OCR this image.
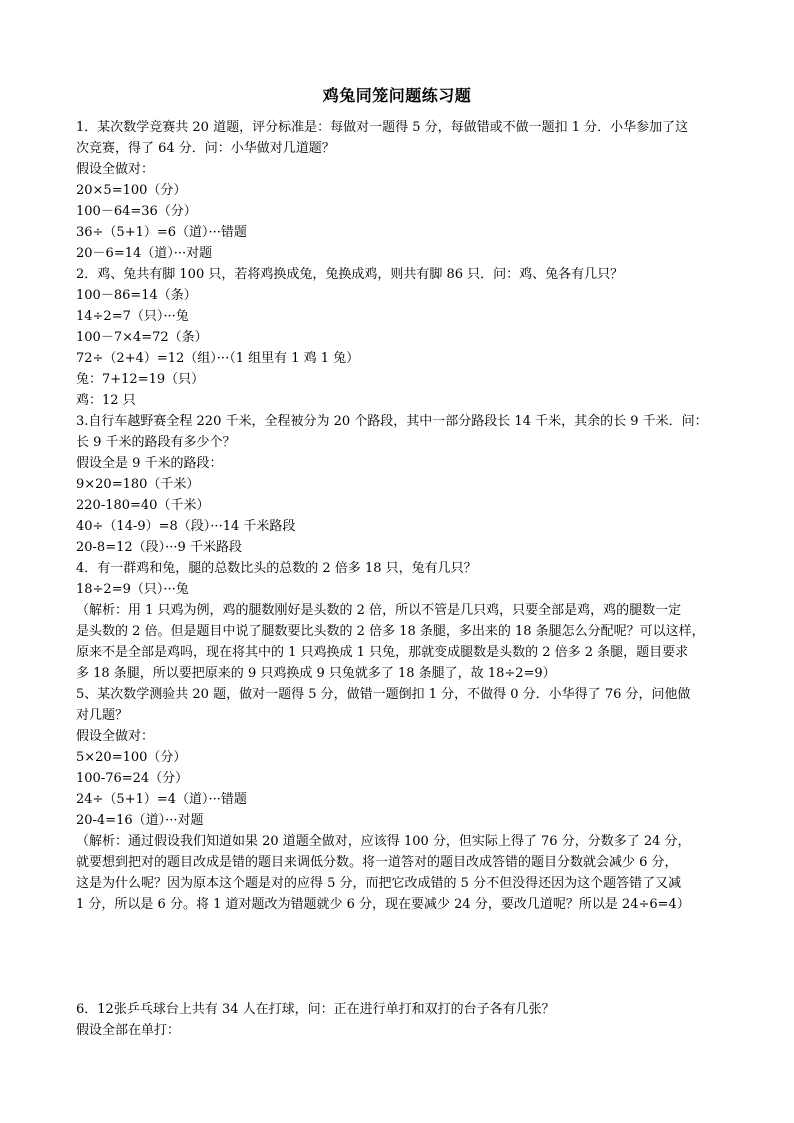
鸡兔同笼问题练习题
1．某次数学竞赛共 20 道题，评分标准是：每做对一题得 5 分，每做错或不做一题扣 1 分．小华参加了这
次竞赛，得了 64 分．问：小华做对几道题？
假设全做对：
20×5=100（分）
100－64=36（分）
36÷（5+1）=6（道）···错题
20－6=14（道）···对题
2．鸡、兔共有脚 100 只，若将鸡换成兔，兔换成鸡，则共有脚 86 只．问：鸡、兔各有几只？
100－86=14（条）
14÷2=7（只）···兔
100－7×4=72（条）
72÷（2+4）=12（组）···（1 组里有 1 鸡 1 兔）
兔：7+12=19（只）
鸡：12 只
3.自行车越野赛全程 220 千米，全程被分为 20 个路段，其中一部分路段长 14 千米，其余的长 9 千米．问：
长 9 千米的路段有多少个？
假设全是 9 千米的路段：
9×20=180（千米）
220-180=40（千米）
40÷（14-9）=8（段）···14 千米路段
20-8=12（段）···9 千米路段
4．有一群鸡和兔，腿的总数比头的总数的 2 倍多 18 只，兔有几只？
18÷2=9（只）···兔
（解析：用 1 只鸡为例，鸡的腿数刚好是头数的 2 倍，所以不管是几只鸡，只要全部是鸡，鸡的腿数一定
是头数的 2 倍。但是题目中说了腿数要比头数的 2 倍多 18 条腿，多出来的 18 条腿怎么分配呢？可以这样，
原来不是全部是鸡吗，现在将其中的 1 只鸡换成 1 只兔，那就变成腿数是头数的 2 倍多 2 条腿，题目要求
多 18 条腿，所以要把原来的 9 只鸡换成 9 只兔就多了 18 条腿了，故 18÷2=9）
5、某次数学测验共 20 题，做对一题得 5 分，做错一题倒扣 1 分，不做得 0 分．小华得了 76 分，问他做
对几题？
假设全做对：
5×20=100（分）
100-76=24（分）
24÷（5+1）=4（道）···错题
20-4=16（道）···对题
（解析：通过假设我们知道如果 20 道题全做对，应该得 100 分，但实际上得了 76 分，分数多了 24 分，
就要想到把对的题目改成是错的题目来调低分数。将一道答对的题目改成答错的题目分数就会减少 6 分，
这是为什么呢？因为原本这个题是对的应得 5 分，而把它改成错的 5 分不但没得还因为这个题答错了又减
1 分，所以是 6 分。将 1 道对题改为错题就少 6 分，现在要减少 24 分，要改几道呢？所以是 24÷6=4）
6．12张乒乓球台上共有 34 人在打球，问：正在进行单打和双打的台子各有几张？
假设全部在单打：
